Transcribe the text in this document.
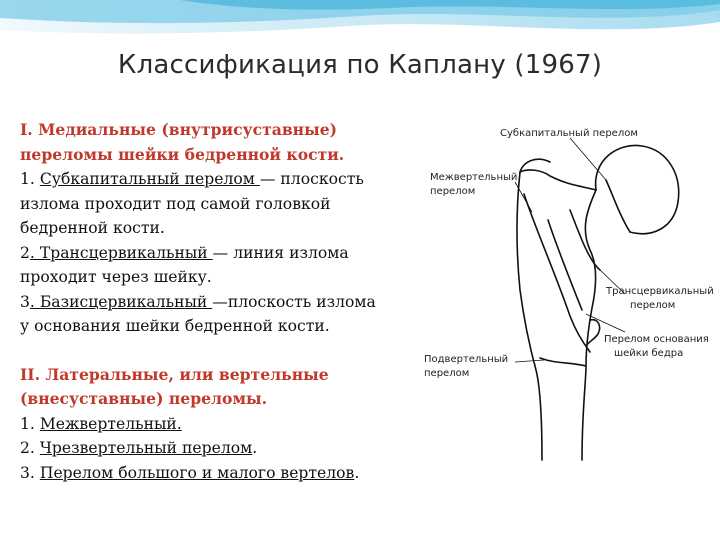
Классификация по Каплану (1967)

I. Медиальные (внутрисуставные)

переломы шейки бедренной кости.

1. Субкапитальный перелом — плоскость

излома проходит под самой головкой

бедренной кости.

2. Трансцервикальный — линия излома

проходит через шейку.

3. Базисцервикальный —плоскость излома

у основания шейки бедренной кости.

II. Латеральные, или вертельные

(внесуставные) переломы.

1. Межвертельный.

2. Чрезвертельный перелом.

3. Перелом большого и малого вертелов.

Субкапитальный перелом
Межвертельный
перелом
Трансцервикальный
перелом
Перелом основания
шейки бедра
Подвертельный
перелом
